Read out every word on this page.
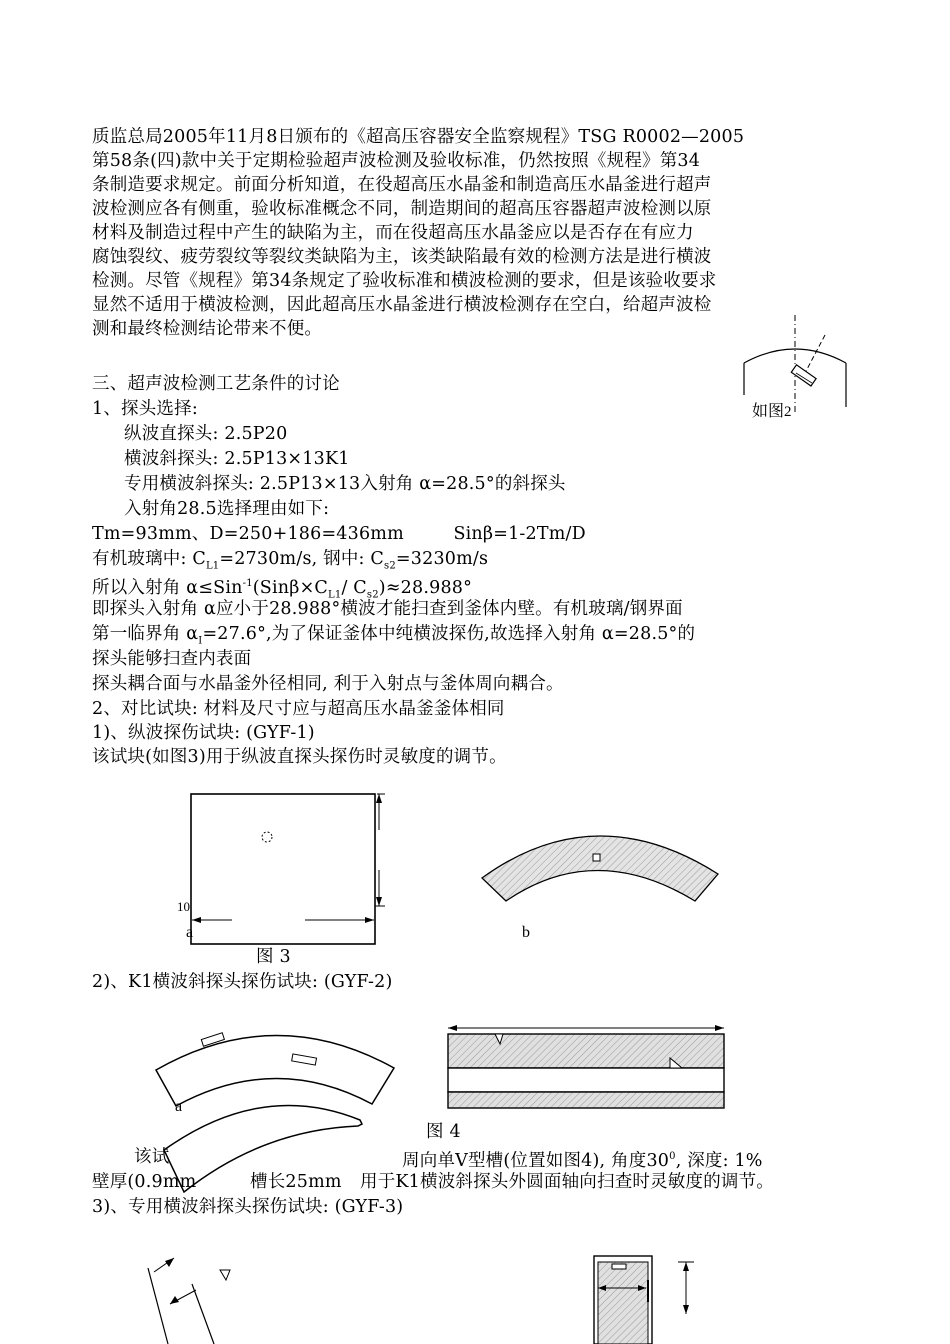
质监总局2005年11月8日颁布的《超高压容器安全监察规程》TSG R0002—2005
第58条(四)款中关于定期检验超声波检测及验收标准，仍然按照《规程》第34
条制造要求规定。前面分析知道，在役超高压水晶釜和制造高压水晶釜进行超声
波检测应各有侧重，验收标准概念不同，制造期间的超高压容器超声波检测以原
材料及制造过程中产生的缺陷为主，而在役超高压水晶釜应以是否存在有应力
腐蚀裂纹、疲劳裂纹等裂纹类缺陷为主，该类缺陷最有效的检测方法是进行横波
检测。尽管《规程》第34条规定了验收标准和横波检测的要求，但是该验收要求
显然不适用于横波检测，因此超高压水晶釜进行横波检测存在空白，给超声波检
测和最终检测结论带来不便。
如图2
三、超声波检测工艺条件的讨论
1、探头选择:
纵波直探头: 2.5P20
横波斜探头: 2.5P13×13K1
专用横波斜探头: 2.5P13×13入射角 α=28.5°的斜探头
入射角28.5选择理由如下:
Tm=93mm、D=250+186=436mm	Sinβ=1-2Tm/D
有机玻璃中: $C_{L1}=2730m/s$, 钢中: $C_{s2}=3230m/s$
所以入射角 $\alpha\le Sin^{-1}(Sin\beta\times C_{L1}/$ $C_{s2})\approx 28.988^\circ$
即探头入射角 α应小于28.988°横波才能扫查到釜体内壁。有机玻璃/钢界面
第一临界角 $\alpha_I=27.6^\circ$,为了保证釜体中纯横波探伤,故选择入射角 α=28.5°的
探头能够扫查内表面
探头耦合面与水晶釜外径相同, 利于入射点与釜体周向耦合。
2、对比试块: 材料及尺寸应与超高压水晶釜釜体相同
1)、纵波探伤试块: (GYF-1)
该试块(如图3)用于纵波直探头探伤时灵敏度的调节。
10
a	b
图 3
2)、K1横波斜探头探伤试块: (GYF-2)
a
图 4
该试	周向单V型槽(位置如图4), 角度$30^0$, 深度: 1%
壁厚(0.9mm	槽长25mm 用于K1横波斜探头外圆面轴向扫查时灵敏度的调节。
3)、专用横波斜探头探伤试块: (GYF-3)
